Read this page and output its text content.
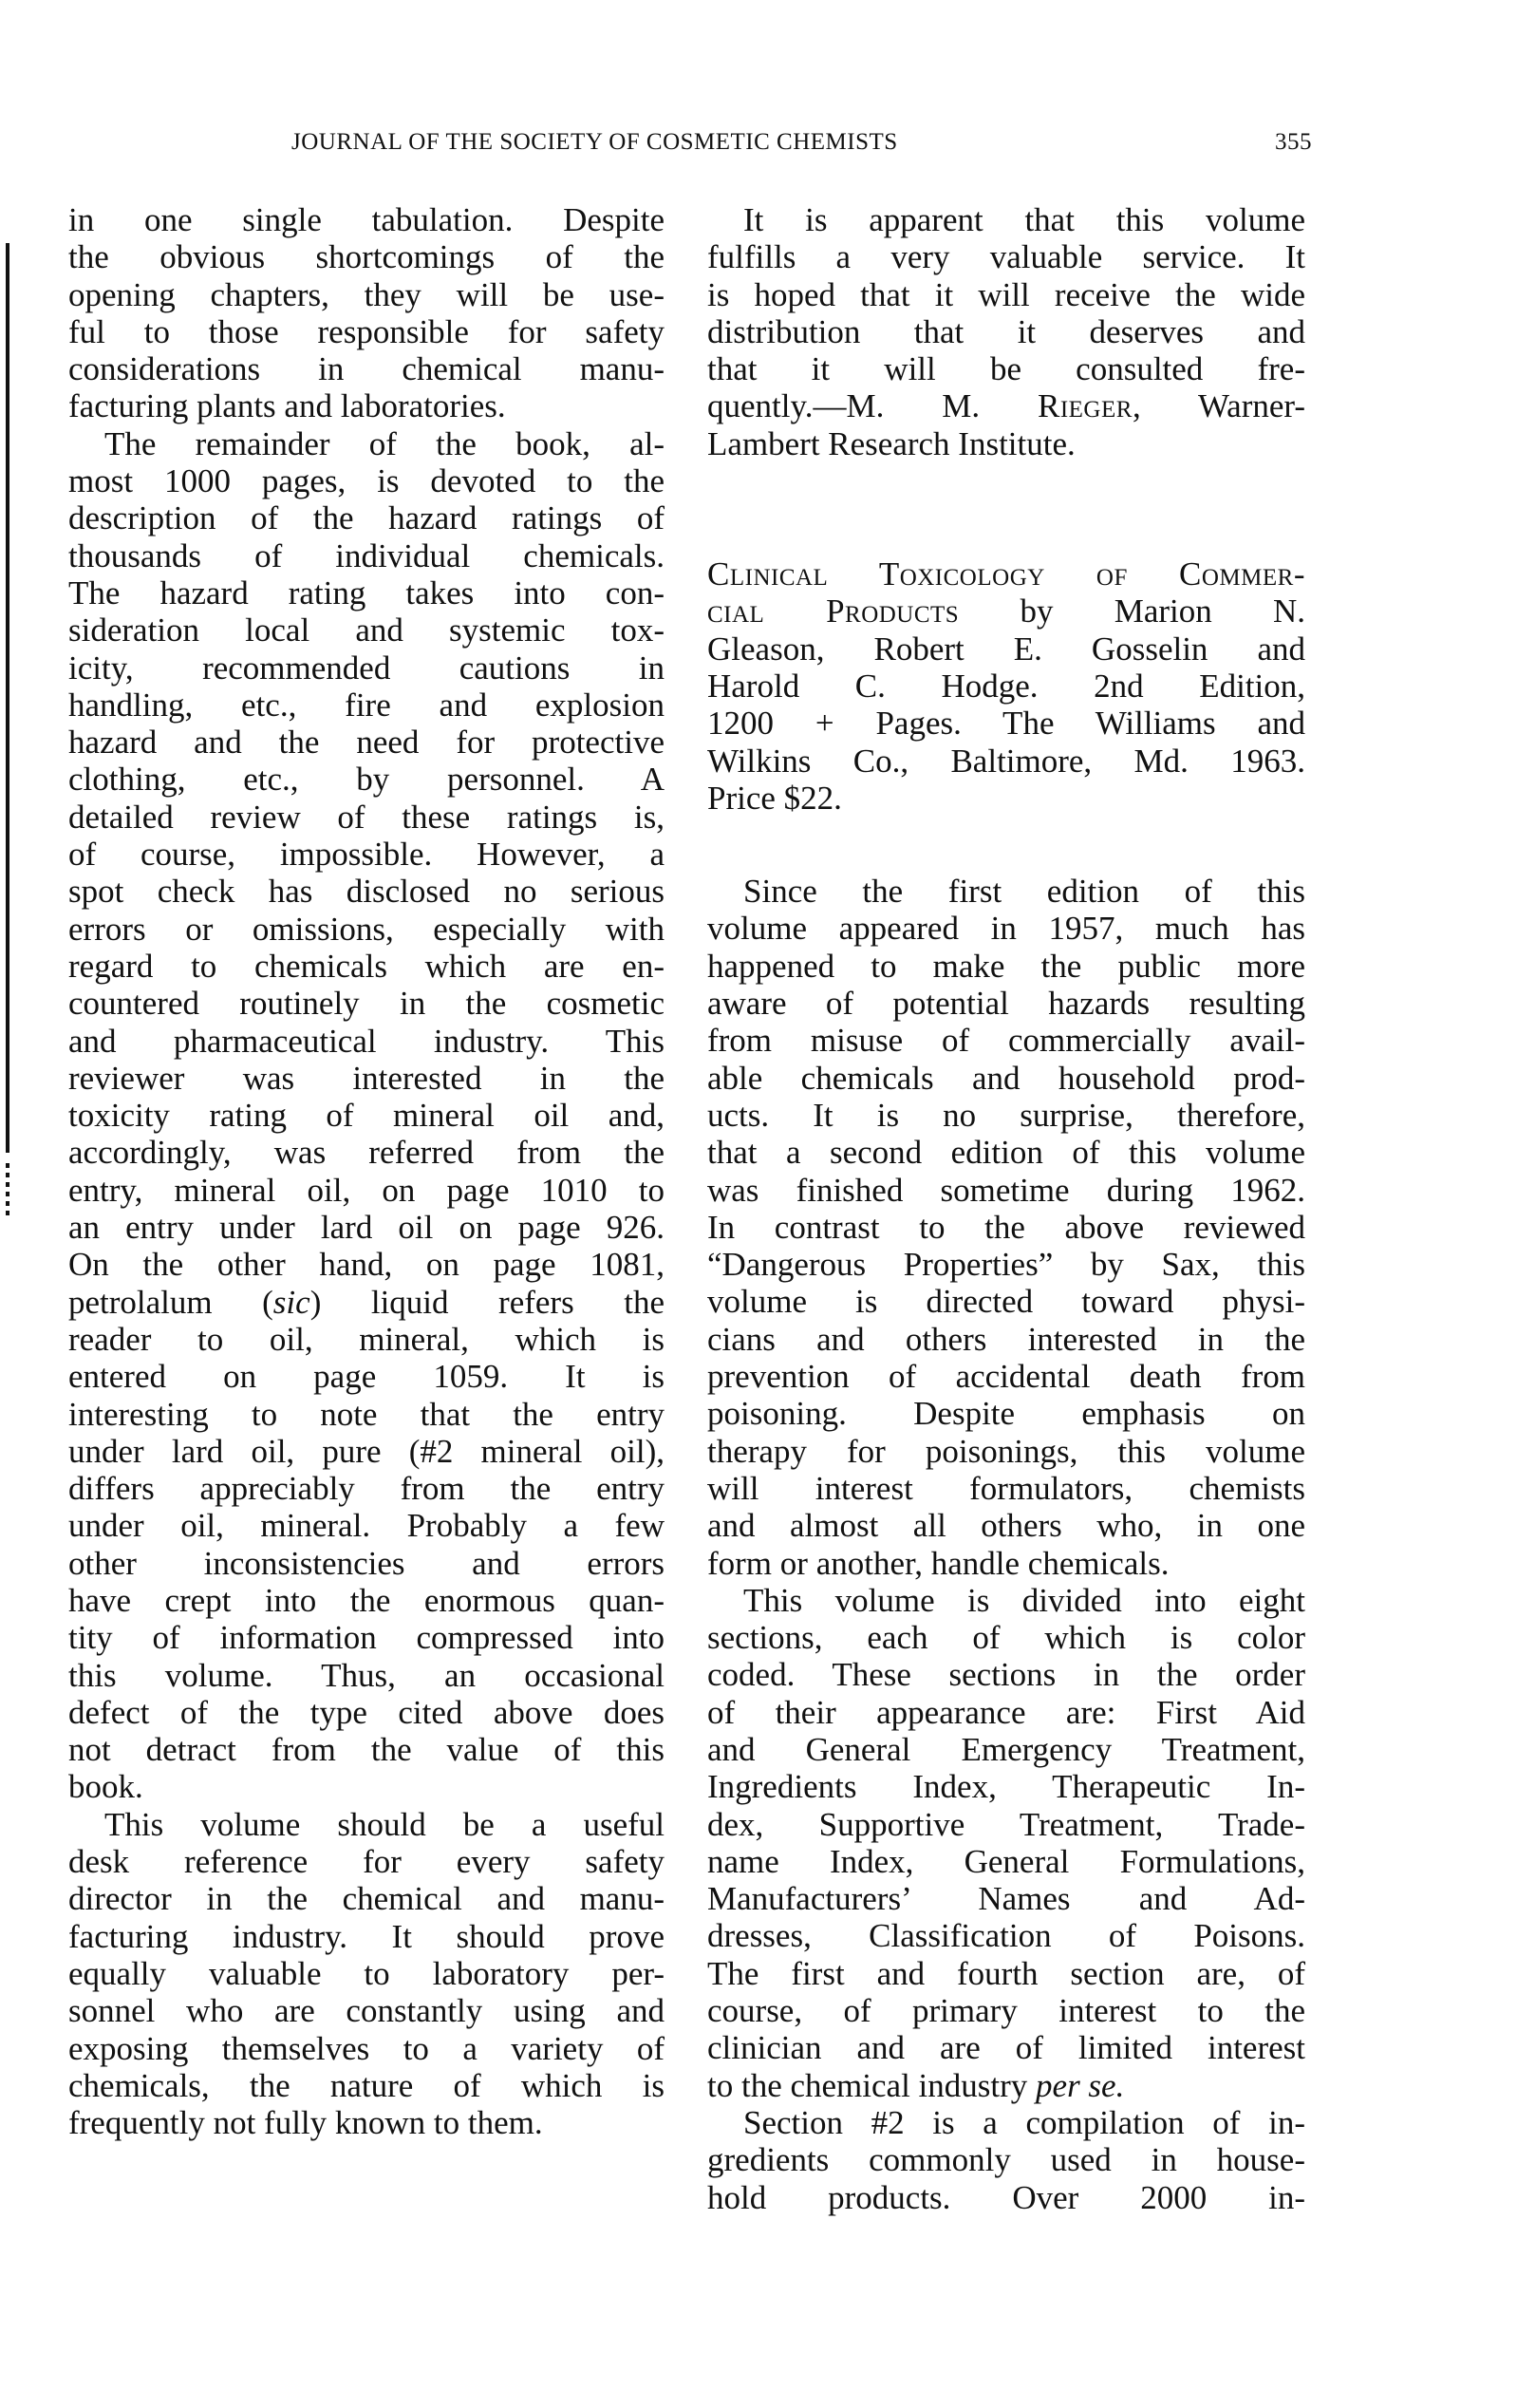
JOURNAL OF THE SOCIETY OF COSMETIC CHEMISTS	355
in one single tabulation. Despite
the obvious shortcomings of the
opening chapters, they will be use-
ful to those responsible for safety
considerations in chemical manu-
facturing plants and laboratories.
The remainder of the book, al-
most 1000 pages, is devoted to the
description of the hazard ratings of
thousands of individual chemicals.
The hazard rating takes into con-
sideration local and systemic tox-
icity, recommended cautions in
handling, etc., fire and explosion
hazard and the need for protective
clothing, etc., by personnel. A
detailed review of these ratings is,
of course, impossible. However, a
spot check has disclosed no serious
errors or omissions, especially with
regard to chemicals which are en-
countered routinely in the cosmetic
and pharmaceutical industry. This
reviewer was interested in the
toxicity rating of mineral oil and,
accordingly, was referred from the
entry, mineral oil, on page 1010 to
an entry under lard oil on page 926.
On the other hand, on page 1081,
petrolalum (sic) liquid refers the
reader to oil, mineral, which is
entered on page 1059. It is
interesting to note that the entry
under lard oil, pure (#2 mineral oil),
differs appreciably from the entry
under oil, mineral. Probably a few
other inconsistencies and errors
have crept into the enormous quan-
tity of information compressed into
this volume. Thus, an occasional
defect of the type cited above does
not detract from the value of this
book.
This volume should be a useful
desk reference for every safety
director in the chemical and manu-
facturing industry. It should prove
equally valuable to laboratory per-
sonnel who are constantly using and
exposing themselves to a variety of
chemicals, the nature of which is
frequently not fully known to them.
It is apparent that this volume
fulfills a very valuable service. It
is hoped that it will receive the wide
distribution that it deserves and
that it will be consulted fre-
quently.—M. M. Rieger, Warner-
Lambert Research Institute.
Clinical Toxicology of Commer-
cial Products by Marion N.
Gleason, Robert E. Gosselin and
Harold C. Hodge. 2nd Edition,
1200 + Pages. The Williams and
Wilkins Co., Baltimore, Md. 1963.
Price $22.
Since the first edition of this
volume appeared in 1957, much has
happened to make the public more
aware of potential hazards resulting
from misuse of commercially avail-
able chemicals and household prod-
ucts. It is no surprise, therefore,
that a second edition of this volume
was finished sometime during 1962.
In contrast to the above reviewed
“Dangerous Properties” by Sax, this
volume is directed toward physi-
cians and others interested in the
prevention of accidental death from
poisoning. Despite emphasis on
therapy for poisonings, this volume
will interest formulators, chemists
and almost all others who, in one
form or another, handle chemicals.
This volume is divided into eight
sections, each of which is color
coded. These sections in the order
of their appearance are: First Aid
and General Emergency Treatment,
Ingredients Index, Therapeutic In-
dex, Supportive Treatment, Trade-
name Index, General Formulations,
Manufacturers’ Names and Ad-
dresses, Classification of Poisons.
The first and fourth section are, of
course, of primary interest to the
clinician and are of limited interest
to the chemical industry per se.
Section #2 is a compilation of in-
gredients commonly used in house-
hold products. Over 2000 in-
